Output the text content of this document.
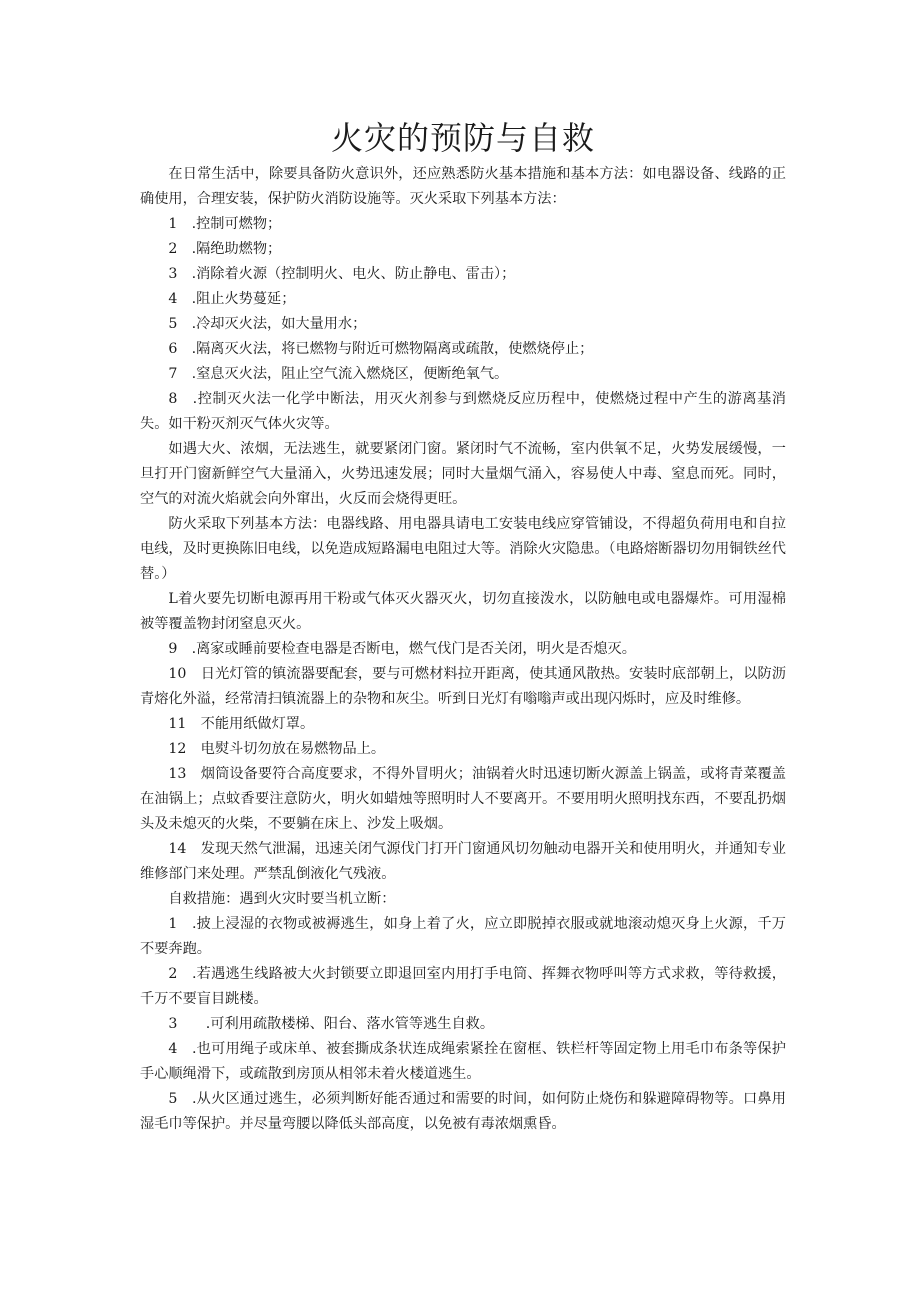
火灾的预防与自救

在日常生活中，除要具备防火意识外，还应熟悉防火基本措施和基本方法：如电器设备、线路的正确使用，合理安装，保护防火消防设施等。灭火采取下列基本方法：

1　.控制可燃物；

2　.隔绝助燃物；

3　.消除着火源（控制明火、电火、防止静电、雷击）；

4　.阻止火势蔓延；

5　.冷却灭火法，如大量用水；

6　.隔离灭火法，将已燃物与附近可燃物隔离或疏散，使燃烧停止；

7　.窒息灭火法，阻止空气流入燃烧区，便断绝氧气。

8　.控制灭火法一化学中断法，用灭火剂参与到燃烧反应历程中，使燃烧过程中产生的游离基消失。如干粉灭剂灭气体火灾等。

如遇大火、浓烟，无法逃生，就要紧闭门窗。紧闭时气不流畅，室内供氧不足，火势发展缓慢，一旦打开门窗新鲜空气大量涌入，火势迅速发展；同时大量烟气涌入，容易使人中毒、窒息而死。同时，空气的对流火焰就会向外窜出，火反而会烧得更旺。

防火采取下列基本方法：电器线路、用电器具请电工安装电线应穿管铺设，不得超负荷用电和自拉电线，及时更换陈旧电线，以免造成短路漏电电阻过大等。消除火灾隐患。（电路熔断器切勿用铜铁丝代替。）

L着火要先切断电源再用干粉或气体灭火器灭火，切勿直接泼水，以防触电或电器爆炸。可用湿棉被等覆盖物封闭窒息灭火。

9　.离家或睡前要检查电器是否断电，燃气伐门是否关闭，明火是否熄灭。

10　日光灯管的镇流器要配套，要与可燃材料拉开距离，使其通风散热。安装时底部朝上，以防沥青熔化外溢，经常清扫镇流器上的杂物和灰尘。听到日光灯有嗡嗡声或出现闪烁时，应及时维修。

11　不能用纸做灯罩。

12　电熨斗切勿放在易燃物品上。

13　烟筒设备要符合高度要求，不得外冒明火；油锅着火时迅速切断火源盖上锅盖，或将青菜覆盖在油锅上；点蚊香要注意防火，明火如蜡烛等照明时人不要离开。不要用明火照明找东西，不要乱扔烟头及未熄灭的火柴，不要躺在床上、沙发上吸烟。

14　发现天然气泄漏，迅速关闭气源伐门打开门窗通风切勿触动电器开关和使用明火，并通知专业维修部门来处理。严禁乱倒液化气残液。

自救措施：遇到火灾时要当机立断：

1　.披上浸湿的衣物或被褥逃生，如身上着了火，应立即脱掉衣服或就地滚动熄灭身上火源，千万不要奔跑。

2　.若遇逃生线路被大火封锁要立即退回室内用打手电筒、挥舞衣物呼叫等方式求救，等待救援，千万不要盲目跳楼。

3　　.可利用疏散楼梯、阳台、落水管等逃生自救。

4　.也可用绳子或床单、被套撕成条状连成绳索紧拴在窗框、铁栏杆等固定物上用毛巾布条等保护手心顺绳滑下，或疏散到房顶从相邻未着火楼道逃生。

5　.从火区通过逃生，必须判断好能否通过和需要的时间，如何防止烧伤和躲避障碍物等。口鼻用湿毛巾等保护。并尽量弯腰以降低头部高度，以免被有毒浓烟熏昏。
